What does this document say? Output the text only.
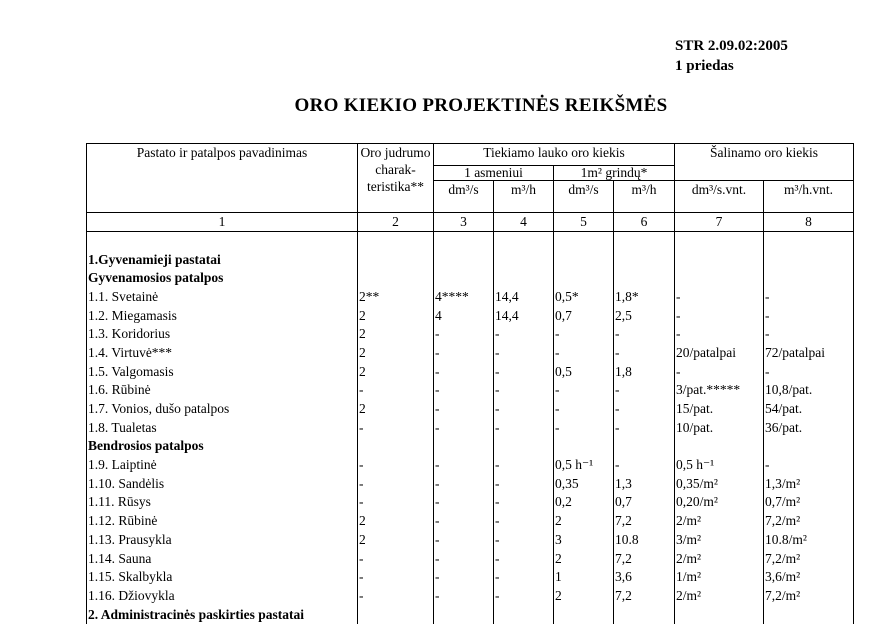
STR 2.09.02:2005
1 priedas
ORO KIEKIO PROJEKTINĖS REIKŠMĖS
Pastato ir patalpos pavadinimas	Oro judrumo charak-teristika**	Tiekiamo lauko oro kiekis				Šalinamo oro kiekis	
		1 asmeniui		1m² grindų*			
		dm³/s	m³/h	dm³/s	m³/h	dm³/s.vnt.	m³/h.vnt.
1	2	3	4	5	6	7	8

1.Gyvenamieji pastatai							
Gyvenamosios patalpos							
1.1. Svetainė	2**	4****	14,4	0,5*	1,8*	-	-
1.2. Miegamasis	2	4	14,4	0,7	2,5	-	-
1.3. Koridorius	2	-	-	-	-	-	-
1.4. Virtuvė***	2	-	-	-	-	20/patalpai	72/patalpai
1.5. Valgomasis	2	-	-	0,5	1,8	-	-
1.6. Rūbinė	-	-	-	-	-	3/pat.*****	10,8/pat.
1.7. Vonios, dušo patalpos	2	-	-	-	-	15/pat.	54/pat.
1.8. Tualetas	-	-	-	-	-	10/pat.	36/pat.
Bendrosios patalpos							
1.9. Laiptinė	-	-	-	0,5 h⁻¹	-	0,5 h⁻¹	-
1.10. Sandėlis	-	-	-	0,35	1,3	0,35/m²	1,3/m²
1.11. Rūsys	-	-	-	0,2	0,7	0,20/m²	0,7/m²
1.12. Rūbinė	2	-	-	2	7,2	2/m²	7,2/m²
1.13. Prausykla	2	-	-	3	10.8	3/m²	10.8/m²
1.14. Sauna	-	-	-	2	7,2	2/m²	7,2/m²
1.15. Skalbykla	-	-	-	1	3,6	1/m²	3,6/m²
1.16. Džiovykla	-	-	-	2	7,2	2/m²	7,2/m²
2. Administracinės paskirties pastatai							
